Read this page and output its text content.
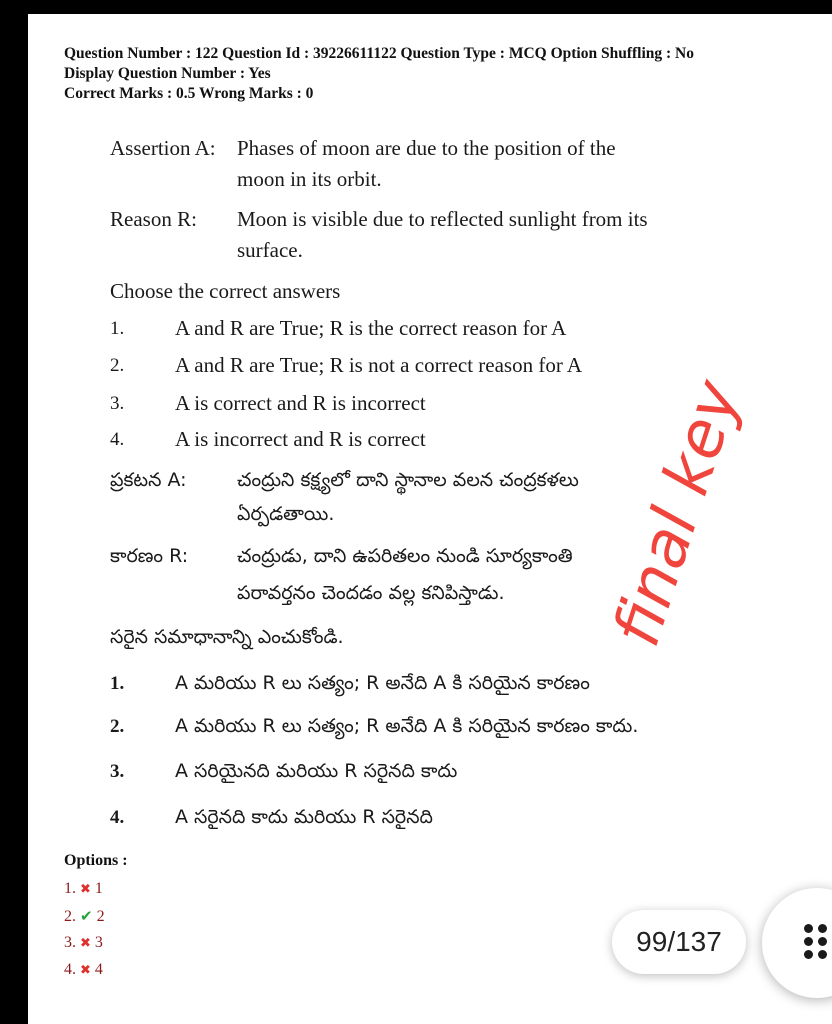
Question Number : 122 Question Id : 39226611122 Question Type : MCQ Option Shuffling : No
Display Question Number : Yes
Correct Marks : 0.5 Wrong Marks : 0
Assertion A: Phases of moon are due to the position of the
moon in its orbit.
Reason R: Moon is visible due to reflected sunlight from its
surface.
Choose the correct answers
1. A and R are True; R is the correct reason for A
2. A and R are True; R is not a correct reason for A
3. A is correct and R is incorrect
4. A is incorrect and R is correct
ప్రకటన A:	చంద్రుని కక్ష్యలో దాని స్థానాల వలన చంద్రకళలు
ఏర్పడతాయి.
కారణం R:	చంద్రుడు, దాని ఉపరితలం నుండి సూర్యకాంతి
పరావర్తనం చెందడం వల్ల కనిపిస్తాడు.
సరైన సమాధానాన్ని ఎంచుకోండి.
1.	A మరియు R లు సత్యం; R అనేది A కి సరియైన కారణం
2.	A మరియు R లు సత్యం; R అనేది A కి సరియైన కారణం కాదు.
3.	A సరియైనది మరియు R సరైనది కాదు
4.	A సరైనది కాదు మరియు R సరైనది
Options :
1. ✖ 1
2. ✔ 2
3. ✖ 3
4. ✖ 4
final key
99/137
